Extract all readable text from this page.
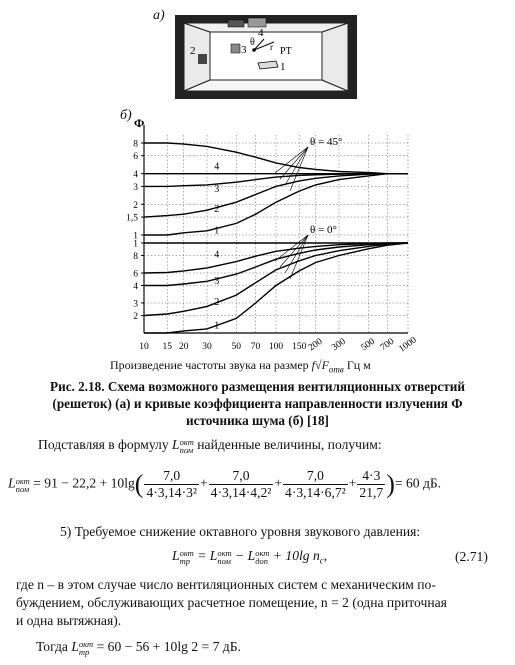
а)
2	3
4
1
РТ
θ r
б) Ф
10 15 20 30 50 70 100 150 200 300 500 700 1000
8
6
4
3
2
1,5
1
1
8
6
4
3
2
1
2
3
4
θ = 45°
1
2
3
4
θ = 0°
Произведение частоты звука на размер $f√F_{отв}$ Гц м
Рис. 2.18. Схема возможного размещения вентиляционных отверстий
(решеток) (а) и кривые коэффициента направленности излучения Ф
источника шума (б) [18]
Подставляя в формулу L окт
пом найденные величины, получим:
L окт
пом = $91 - 22,2 + 10\lg( \frac{7,0}{\text{4·3,14·3²}} + \frac{7,0}{\text{4·3,14·4,2²}} + \frac{7,0}{\text{4·3,14·6,7²}} + \frac{4\cdot 3}{21,7}$ )= 60 дБ.
5) Требуемое снижение октавного уровня звукового давления:
L окт
тр = L окт
пом − L окт
доп + 10lg $n_c$,	(2.71)
где n – в этом случае число вентиляционных систем с механическим по-
буждением, обслуживающих расчетное помещение, n = 2 (одна приточная
и одна вытяжная).
Тогда L окт
тр = 60 − 56 + 10lg 2 = 7 дБ.
